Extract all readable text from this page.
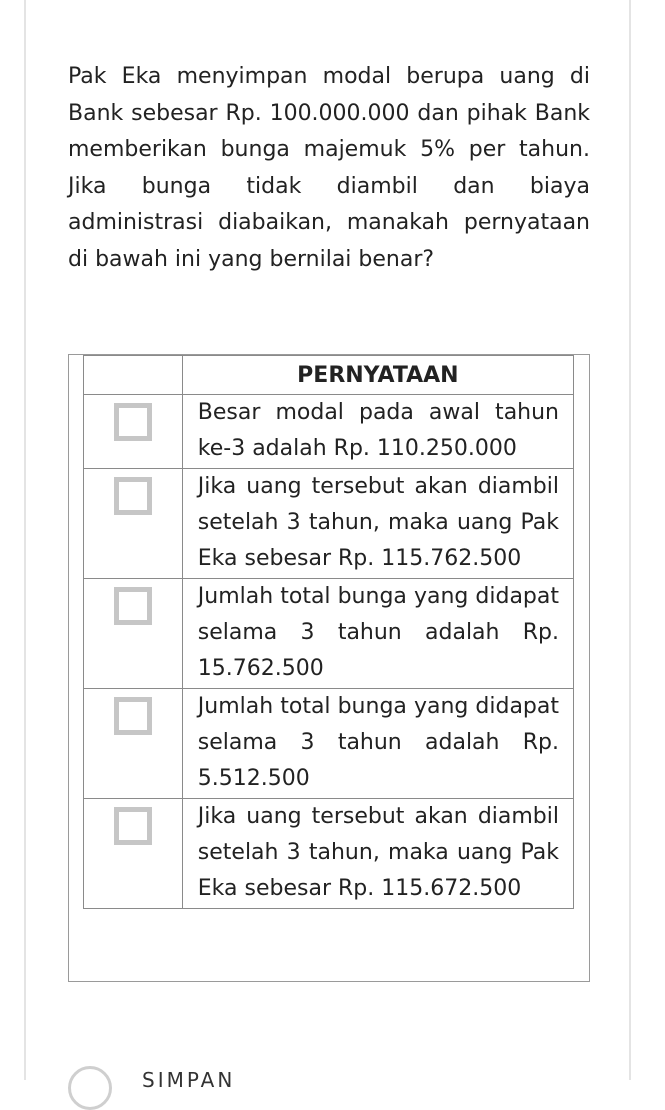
Pak Eka menyimpan modal berupa uang di Bank sebesar Rp. 100.000.000 dan pihak Bank memberikan bunga majemuk 5% per tahun. Jika bunga tidak diambil dan biaya administrasi diabaikan, manakah pernyataan di bawah ini yang bernilai benar?

	PERNYATAAN

	Besar modal pada awal tahun ke-3 adalah Rp. 110.250.000

	Jika uang tersebut akan diambil setelah 3 tahun, maka uang Pak Eka sebesar Rp. 115.762.500

	Jumlah total bunga yang didapat selama 3 tahun adalah Rp. 15.762.500

	Jumlah total bunga yang didapat selama 3 tahun adalah Rp. 5.512.500

	Jika uang tersebut akan diambil setelah 3 tahun, maka uang Pak Eka sebesar Rp. 115.672.500
SIMPAN
